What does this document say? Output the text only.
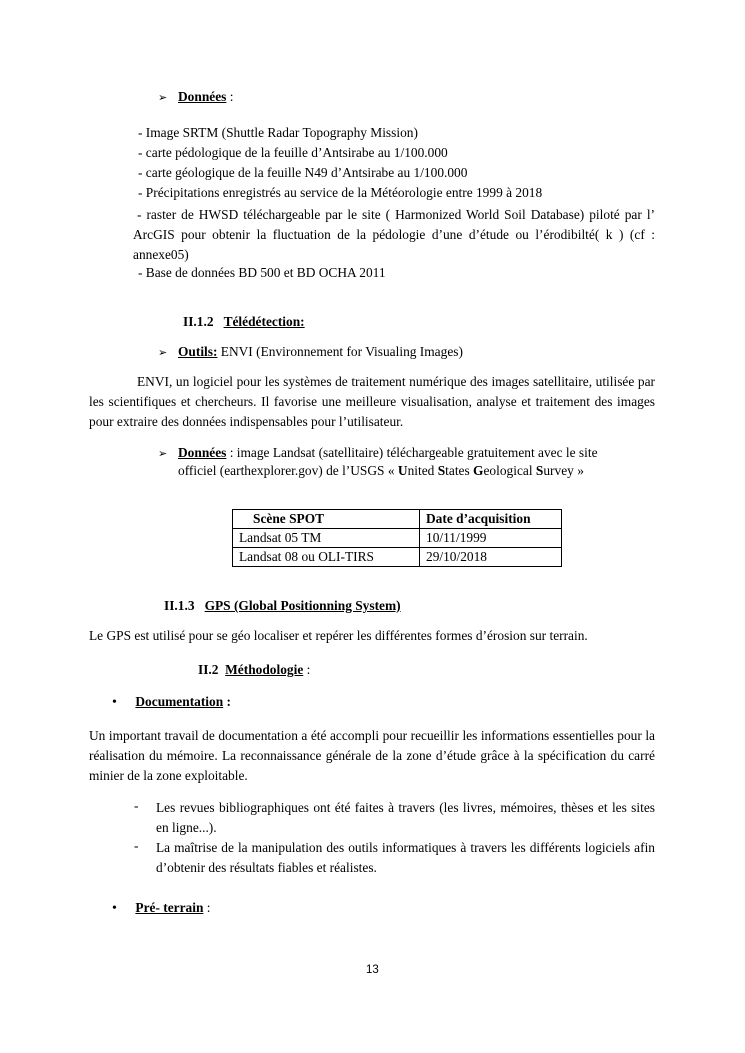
➢ Données :
- Image SRTM (Shuttle Radar Topography Mission)
- carte pédologique de la feuille d’Antsirabe au 1/100.000
- carte géologique de la feuille N49 d’Antsirabe au 1/100.000
- Précipitations enregistrés au service de la Météorologie entre 1999 à 2018
- raster de HWSD téléchargeable par le site ( Harmonized World Soil Database) piloté par l’ ArcGIS pour obtenir la fluctuation de la pédologie d’une d’étude ou l’érodibilté( k ) (cf : annexe05)
- Base de données BD 500 et BD OCHA 2011
II.1.2 Télédétection:
➢ Outils: ENVI (Environnement for Visualing Images)
ENVI, un logiciel pour les systèmes de traitement numérique des images satellitaire, utilisée par les scientifiques et chercheurs. Il favorise une meilleure visualisation, analyse et traitement des images pour extraire des données indispensables pour l’utilisateur.
➢ Données : image Landsat (satellitaire) téléchargeable gratuitement avec le site
officiel (earthexplorer.gov) de l’USGS « United States Geological Survey »
Scène SPOT	Date d’acquisition
Landsat 05 TM	10/11/1999
Landsat 08 ou OLI-TIRS	29/10/2018
II.1.3 GPS (Global Positionning System)
Le GPS est utilisé pour se géo localiser et repérer les différentes formes d’érosion sur terrain.
II.2 Méthodologie :
• Documentation :
Un important travail de documentation a été accompli pour recueillir les informations essentielles pour la réalisation du mémoire. La reconnaissance générale de la zone d’étude grâce à la spécification du carré minier de la zone exploitable.
- Les revues bibliographiques ont été faites à travers (les livres, mémoires, thèses et les sites en ligne...).
- La maîtrise de la manipulation des outils informatiques à travers les différents logiciels afin d’obtenir des résultats fiables et réalistes.
• Pré- terrain :
13
